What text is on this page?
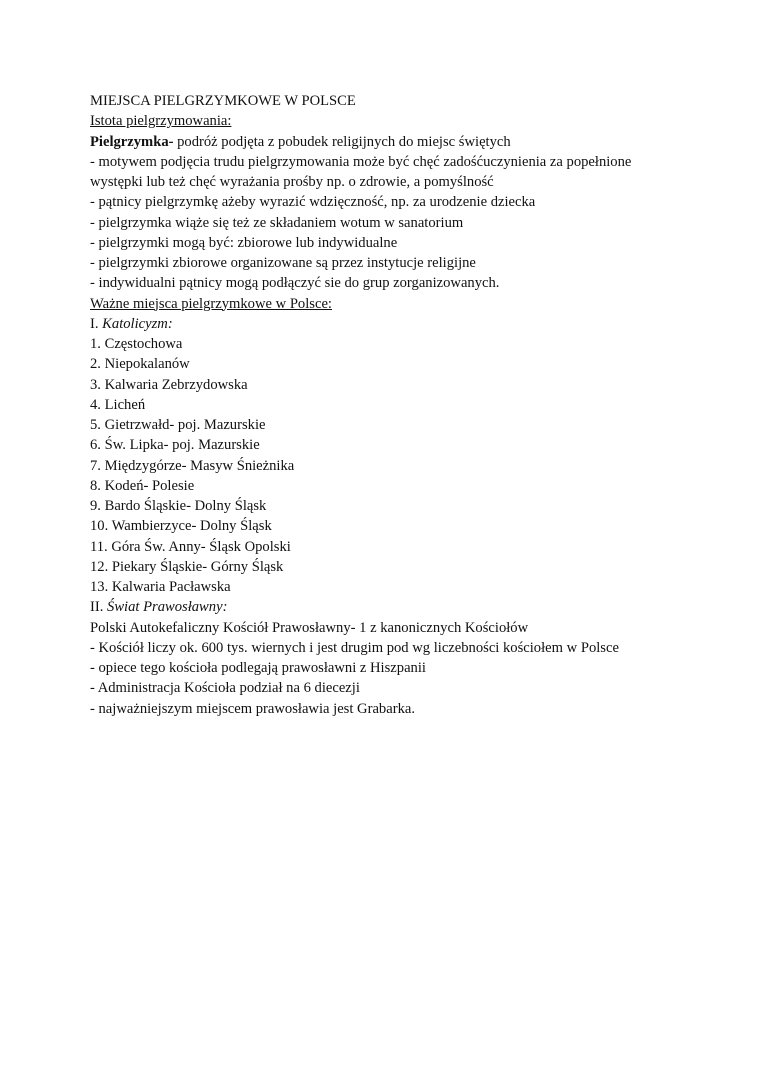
MIEJSCA PIELGRZYMKOWE W POLSCE
Istota pielgrzymowania:
Pielgrzymka- podróż podjęta z pobudek religijnych do miejsc świętych
- motywem podjęcia trudu pielgrzymowania może być chęć zadośćuczynienia za popełnione
występki lub też chęć wyrażania prośby np. o zdrowie, a pomyślność
- pątnicy pielgrzymkę ażeby wyrazić wdzięczność, np. za urodzenie dziecka
- pielgrzymka wiąże się też ze składaniem wotum w sanatorium
- pielgrzymki mogą być: zbiorowe lub indywidualne
- pielgrzymki zbiorowe organizowane są przez instytucje religijne
- indywidualni pątnicy mogą podłączyć sie do grup zorganizowanych.
Ważne miejsca pielgrzymkowe w Polsce:
I. Katolicyzm:
1. Częstochowa
2. Niepokalanów
3. Kalwaria Zebrzydowska
4. Licheń
5. Gietrzwałd- poj. Mazurskie
6. Św. Lipka- poj. Mazurskie
7. Międzygórze- Masyw Śnieżnika
8. Kodeń- Polesie
9. Bardo Śląskie- Dolny Śląsk
10. Wambierzyce- Dolny Śląsk
11. Góra Św. Anny- Śląsk Opolski
12. Piekary Śląskie- Górny Śląsk
13. Kalwaria Pacławska
II. Świat Prawosławny:
Polski Autokefaliczny Kościół Prawosławny- 1 z kanonicznych Kościołów
- Kościół liczy ok. 600 tys. wiernych i jest drugim pod wg liczebności kościołem w Polsce
- opiece tego kościoła podlegają prawosławni z Hiszpanii
- Administracja Kościoła podział na 6 diecezji
- najważniejszym miejscem prawosławia jest Grabarka.
